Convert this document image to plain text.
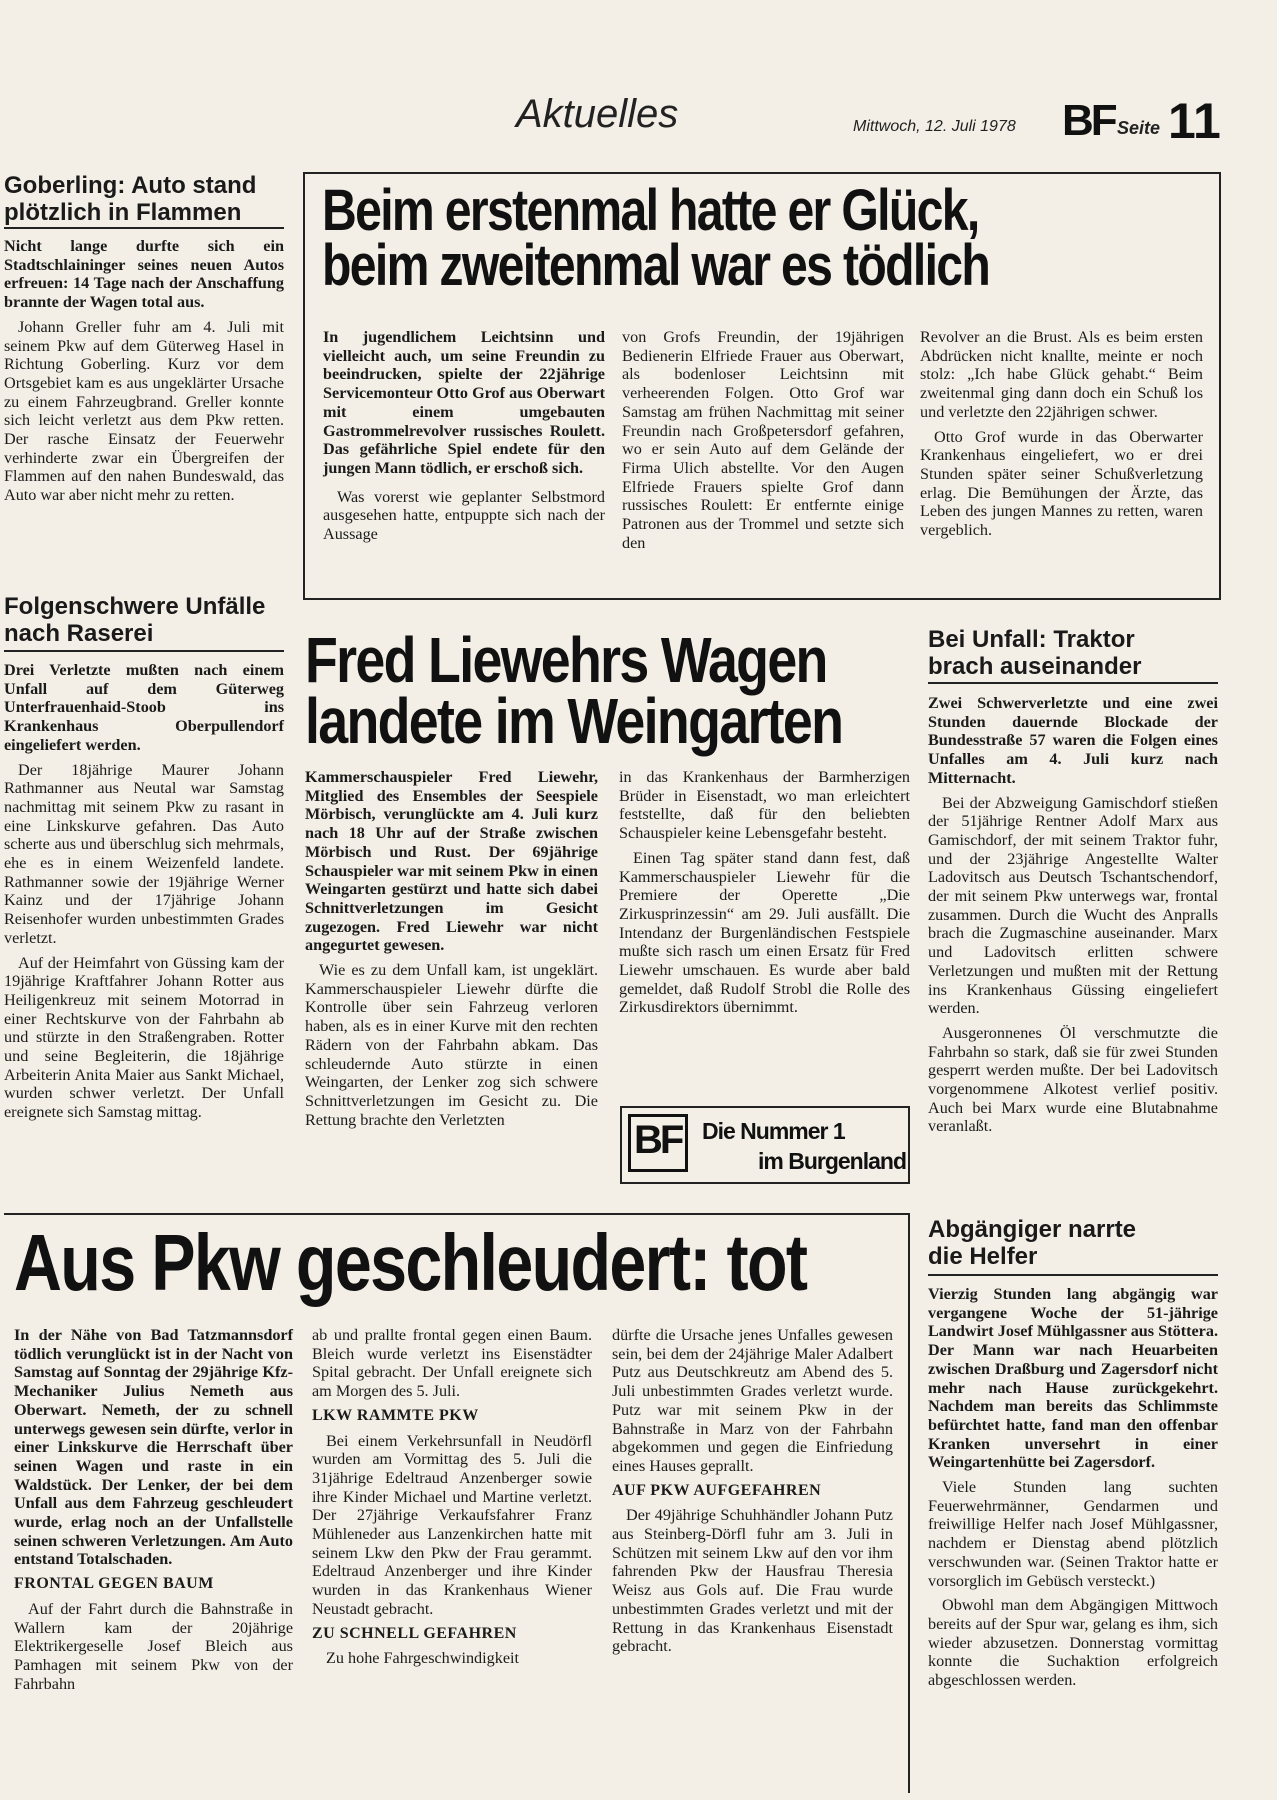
Aktuelles	Mittwoch, 12. Juli 1978 BF Seite 11
Goberling: Auto stand
plötzlich in Flammen

Nicht lange durfte sich ein Stadtschlaininger seines neuen Autos erfreuen: 14 Tage nach der Anschaffung brannte der Wagen total aus.

Johann Greller fuhr am 4. Juli mit seinem Pkw auf dem Güterweg Hasel in Richtung Goberling. Kurz vor dem Ortsgebiet kam es aus ungeklärter Ursache zu einem Fahrzeugbrand. Greller konnte sich leicht verletzt aus dem Pkw retten. Der rasche Einsatz der Feuerwehr verhinderte zwar ein Übergreifen der Flammen auf den nahen Bundeswald, das Auto war aber nicht mehr zu retten.

Folgenschwere Unfälle
nach Raserei

Drei Verletzte mußten nach einem Unfall auf dem Güterweg Unterfrauenhaid-Stoob ins Krankenhaus Oberpullendorf eingeliefert werden.

Der 18jährige Maurer Johann Rathmanner aus Neutal war Samstag nachmittag mit seinem Pkw zu rasant in eine Linkskurve gefahren. Das Auto scherte aus und überschlug sich mehrmals, ehe es in einem Weizenfeld landete. Rathmanner sowie der 19jährige Werner Kainz und der 17jährige Johann Reisenhofer wurden unbestimmten Grades verletzt.

Auf der Heimfahrt von Güssing kam der 19jährige Kraftfahrer Johann Rotter aus Heiligenkreuz mit seinem Motorrad in einer Rechtskurve von der Fahrbahn ab und stürzte in den Straßengraben. Rotter und seine Begleiterin, die 18jährige Arbeiterin Anita Maier aus Sankt Michael, wurden schwer verletzt. Der Unfall ereignete sich Samstag mittag.

Beim erstenmal hatte er Glück,
beim zweitenmal war es tödlich

In jugendlichem Leichtsinn und vielleicht auch, um seine Freundin zu beeindrucken, spielte der 22jährige Servicemonteur Otto Grof aus Oberwart mit einem umgebauten Gastrommelrevolver russisches Roulett. Das gefährliche Spiel endete für den jungen Mann tödlich, er erschoß sich.

Was vorerst wie geplanter Selbstmord ausgesehen hatte, entpuppte sich nach der Aussage

von Grofs Freundin, der 19jährigen Bedienerin Elfriede Frauer aus Oberwart, als bodenloser Leichtsinn mit verheerenden Folgen. Otto Grof war Samstag am frühen Nachmittag mit seiner Freundin nach Großpetersdorf gefahren, wo er sein Auto auf dem Gelände der Firma Ulich abstellte. Vor den Augen Elfriede Frauers spielte Grof dann russisches Roulett: Er entfernte einige Patronen aus der Trommel und setzte sich den

Revolver an die Brust. Als es beim ersten Abdrücken nicht knallte, meinte er noch stolz: „Ich habe Glück gehabt.“ Beim zweitenmal ging dann doch ein Schuß los und verletzte den 22jährigen schwer.

Otto Grof wurde in das Oberwarter Krankenhaus eingeliefert, wo er drei Stunden später seiner Schußverletzung erlag. Die Bemühungen der Ärzte, das Leben des jungen Mannes zu retten, waren vergeblich.

Fred Liewehrs Wagen
landete im Weingarten

Kammerschauspieler Fred Liewehr, Mitglied des Ensembles der Seespiele Mörbisch, verunglückte am 4. Juli kurz nach 18 Uhr auf der Straße zwischen Mörbisch und Rust. Der 69jährige Schauspieler war mit seinem Pkw in einen Weingarten gestürzt und hatte sich dabei Schnittverletzungen im Gesicht zugezogen. Fred Liewehr war nicht angegurtet gewesen.

Wie es zu dem Unfall kam, ist ungeklärt. Kammerschauspieler Liewehr dürfte die Kontrolle über sein Fahrzeug verloren haben, als es in einer Kurve mit den rechten Rädern von der Fahrbahn abkam. Das schleudernde Auto stürzte in einen Weingarten, der Lenker zog sich schwere Schnittverletzungen im Gesicht zu. Die Rettung brachte den Verletzten

in das Krankenhaus der Barmherzigen Brüder in Eisenstadt, wo man erleichtert feststellte, daß für den beliebten Schauspieler keine Lebensgefahr besteht.

Einen Tag später stand dann fest, daß Kammerschauspieler Liewehr für die Premiere der Operette „Die Zirkusprinzessin“ am 29. Juli ausfällt. Die Intendanz der Burgenländischen Festspiele mußte sich rasch um einen Ersatz für Fred Liewehr umschauen. Es wurde aber bald gemeldet, daß Rudolf Strobl die Rolle des Zirkusdirektors übernimmt.

BF Die Nummer 1
im Burgenland
Bei Unfall: Traktor
brach auseinander

Zwei Schwerverletzte und eine zwei Stunden dauernde Blockade der Bundesstraße 57 waren die Folgen eines Unfalles am 4. Juli kurz nach Mitternacht.

Bei der Abzweigung Gamischdorf stießen der 51jährige Rentner Adolf Marx aus Gamischdorf, der mit seinem Traktor fuhr, und der 23jährige Angestellte Walter Ladovitsch aus Deutsch Tschantschendorf, der mit seinem Pkw unterwegs war, frontal zusammen. Durch die Wucht des Anpralls brach die Zugmaschine auseinander. Marx und Ladovitsch erlitten schwere Verletzungen und mußten mit der Rettung ins Krankenhaus Güssing eingeliefert werden.

Ausgeronnenes Öl verschmutzte die Fahrbahn so stark, daß sie für zwei Stunden gesperrt werden mußte. Der bei Ladovitsch vorgenommene Alkotest verlief positiv. Auch bei Marx wurde eine Blutabnahme veranlaßt.

Aus Pkw geschleudert: tot

In der Nähe von Bad Tatzmannsdorf tödlich verunglückt ist in der Nacht von Samstag auf Sonntag der 29jährige Kfz-Mechaniker Julius Nemeth aus Oberwart. Nemeth, der zu schnell unterwegs gewesen sein dürfte, verlor in einer Linkskurve die Herrschaft über seinen Wagen und raste in ein Waldstück. Der Lenker, der bei dem Unfall aus dem Fahrzeug geschleudert wurde, erlag noch an der Unfallstelle seinen schweren Verletzungen. Am Auto entstand Totalschaden.

FRONTAL GEGEN BAUM

Auf der Fahrt durch die Bahnstraße in Wallern kam der 20jährige Elektrikergeselle Josef Bleich aus Pamhagen mit seinem Pkw von der Fahrbahn

ab und prallte frontal gegen einen Baum. Bleich wurde verletzt ins Eisenstädter Spital gebracht. Der Unfall ereignete sich am Morgen des 5. Juli.

LKW RAMMTE PKW

Bei einem Verkehrsunfall in Neudörfl wurden am Vormittag des 5. Juli die 31jährige Edeltraud Anzenberger sowie ihre Kinder Michael und Martine verletzt. Der 27jährige Verkaufsfahrer Franz Mühleneder aus Lanzenkirchen hatte mit seinem Lkw den Pkw der Frau gerammt. Edeltraud Anzenberger und ihre Kinder wurden in das Krankenhaus Wiener Neustadt gebracht.

ZU SCHNELL GEFAHREN

Zu hohe Fahrgeschwindigkeit

dürfte die Ursache jenes Unfalles gewesen sein, bei dem der 24jährige Maler Adalbert Putz aus Deutschkreutz am Abend des 5. Juli unbestimmten Grades verletzt wurde. Putz war mit seinem Pkw in der Bahnstraße in Marz von der Fahrbahn abgekommen und gegen die Einfriedung eines Hauses geprallt.

AUF PKW AUFGEFAHREN

Der 49jährige Schuhhändler Johann Putz aus Steinberg-Dörfl fuhr am 3. Juli in Schützen mit seinem Lkw auf den vor ihm fahrenden Pkw der Hausfrau Theresia Weisz aus Gols auf. Die Frau wurde unbestimmten Grades verletzt und mit der Rettung in das Krankenhaus Eisenstadt gebracht.

Abgängiger narrte
die Helfer

Vierzig Stunden lang abgängig war vergangene Woche der 51-jährige Landwirt Josef Mühlgassner aus Stöttera. Der Mann war nach Heuarbeiten zwischen Draßburg und Zagersdorf nicht mehr nach Hause zurückgekehrt. Nachdem man bereits das Schlimmste befürchtet hatte, fand man den offenbar Kranken unversehrt in einer Weingartenhütte bei Zagersdorf.

Viele Stunden lang suchten Feuerwehrmänner, Gendarmen und freiwillige Helfer nach Josef Mühlgassner, nachdem er Dienstag abend plötzlich verschwunden war. (Seinen Traktor hatte er vorsorglich im Gebüsch versteckt.)

Obwohl man dem Abgängigen Mittwoch bereits auf der Spur war, gelang es ihm, sich wieder abzusetzen. Donnerstag vormittag konnte die Suchaktion erfolgreich abgeschlossen werden.
